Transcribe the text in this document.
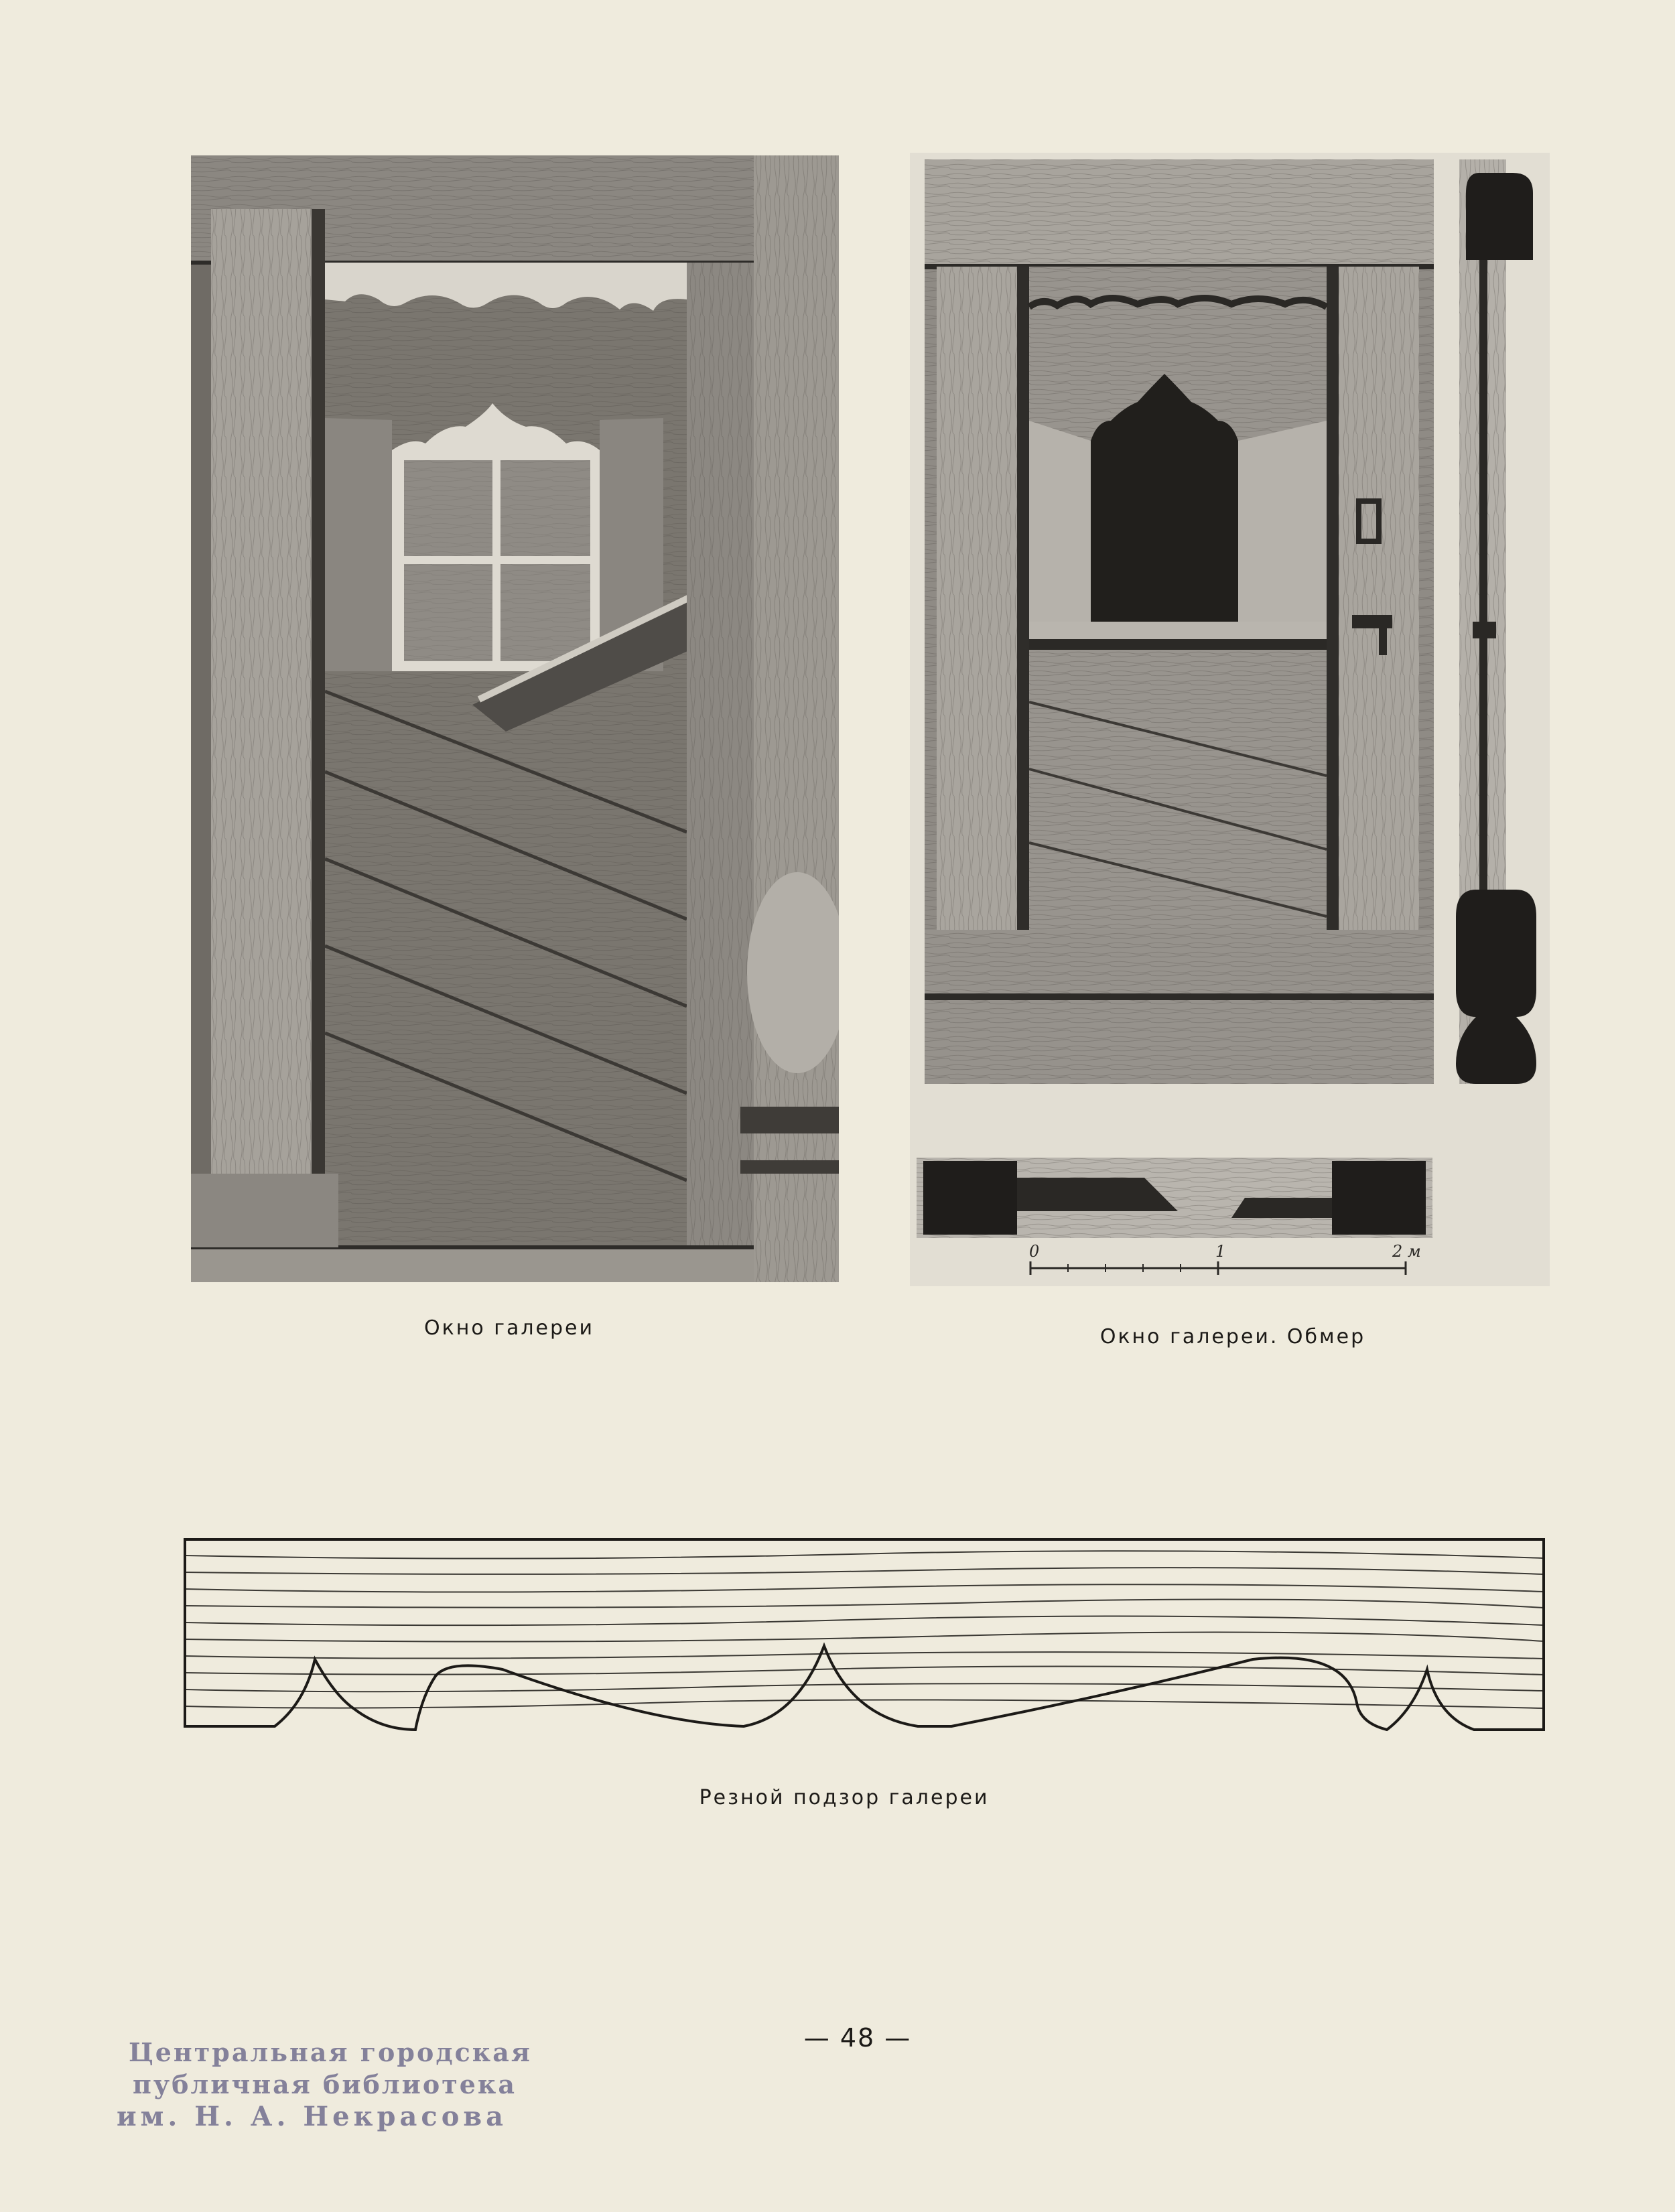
0	1	2 м
Окно галереи	Окно галереи. Обмер
Резной подзор галереи
— 48 —
Центральная городская
публичная библиотека
им. Н. А. Некрасова
